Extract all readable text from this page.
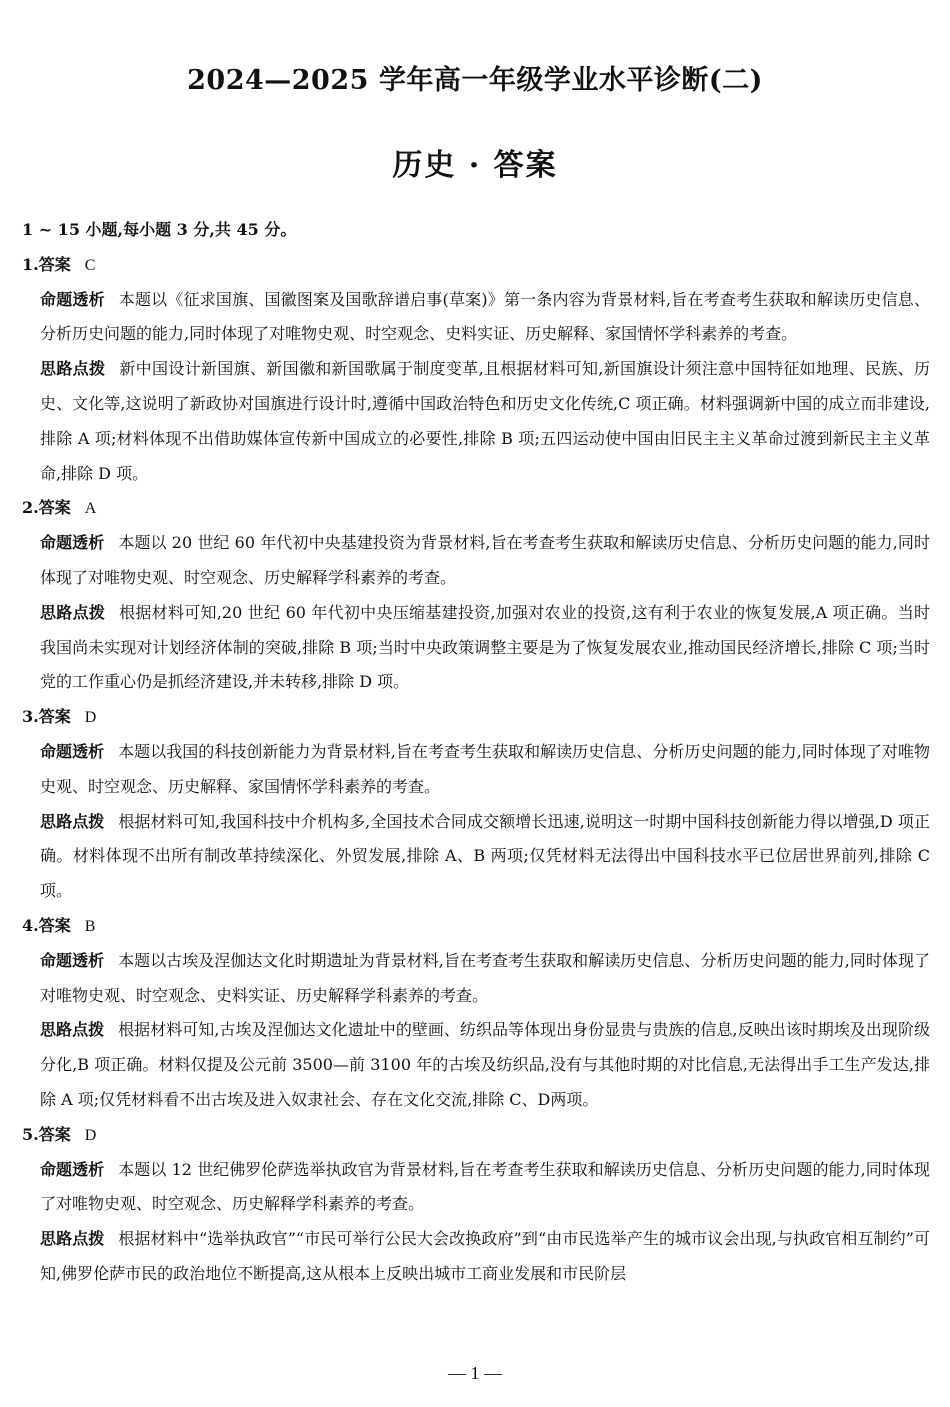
2024—2025 学年高一年级学业水平诊断(二)
历史 · 答案

1 ~ 15 小题,每小题 3 分,共 45 分。

1.答案 C

命题透析 本题以《征求国旗、国徽图案及国歌辞谱启事(草案)》第一条内容为背景材料,旨在考查考生获取和解读历史信息、分析历史问题的能力,同时体现了对唯物史观、时空观念、史料实证、历史解释、家国情怀学科素养的考查。

思路点拨 新中国设计新国旗、新国徽和新国歌属于制度变革,且根据材料可知,新国旗设计须注意中国特征如地理、民族、历史、文化等,这说明了新政协对国旗进行设计时,遵循中国政治特色和历史文化传统,C 项正确。材料强调新中国的成立而非建设,排除 A 项;材料体现不出借助媒体宣传新中国成立的必要性,排除 B 项;五四运动使中国由旧民主主义革命过渡到新民主主义革命,排除 D 项。

2.答案 A

命题透析 本题以 20 世纪 60 年代初中央基建投资为背景材料,旨在考查考生获取和解读历史信息、分析历史问题的能力,同时体现了对唯物史观、时空观念、历史解释学科素养的考查。

思路点拨 根据材料可知,20 世纪 60 年代初中央压缩基建投资,加强对农业的投资,这有利于农业的恢复发展,A 项正确。当时我国尚未实现对计划经济体制的突破,排除 B 项;当时中央政策调整主要是为了恢复发展农业,推动国民经济增长,排除 C 项;当时党的工作重心仍是抓经济建设,并未转移,排除 D 项。

3.答案 D

命题透析 本题以我国的科技创新能力为背景材料,旨在考查考生获取和解读历史信息、分析历史问题的能力,同时体现了对唯物史观、时空观念、历史解释、家国情怀学科素养的考查。

思路点拨 根据材料可知,我国科技中介机构多,全国技术合同成交额增长迅速,说明这一时期中国科技创新能力得以增强,D 项正确。材料体现不出所有制改革持续深化、外贸发展,排除 A、B 两项;仅凭材料无法得出中国科技水平已位居世界前列,排除 C 项。

4.答案 B

命题透析 本题以古埃及涅伽达文化时期遗址为背景材料,旨在考查考生获取和解读历史信息、分析历史问题的能力,同时体现了对唯物史观、时空观念、史料实证、历史解释学科素养的考查。

思路点拨 根据材料可知,古埃及涅伽达文化遗址中的壁画、纺织品等体现出身份显贵与贵族的信息,反映出该时期埃及出现阶级分化,B 项正确。材料仅提及公元前 3500—前 3100 年的古埃及纺织品,没有与其他时期的对比信息,无法得出手工生产发达,排除 A 项;仅凭材料看不出古埃及进入奴隶社会、存在文化交流,排除 C、D两项。

5.答案 D

命题透析 本题以 12 世纪佛罗伦萨选举执政官为背景材料,旨在考查考生获取和解读历史信息、分析历史问题的能力,同时体现了对唯物史观、时空观念、历史解释学科素养的考查。

思路点拨 根据材料中“选举执政官”“市民可举行公民大会改换政府”到“由市民选举产生的城市议会出现,与执政官相互制约”可知,佛罗伦萨市民的政治地位不断提高,这从根本上反映出城市工商业发展和市民阶层

— 1 —
